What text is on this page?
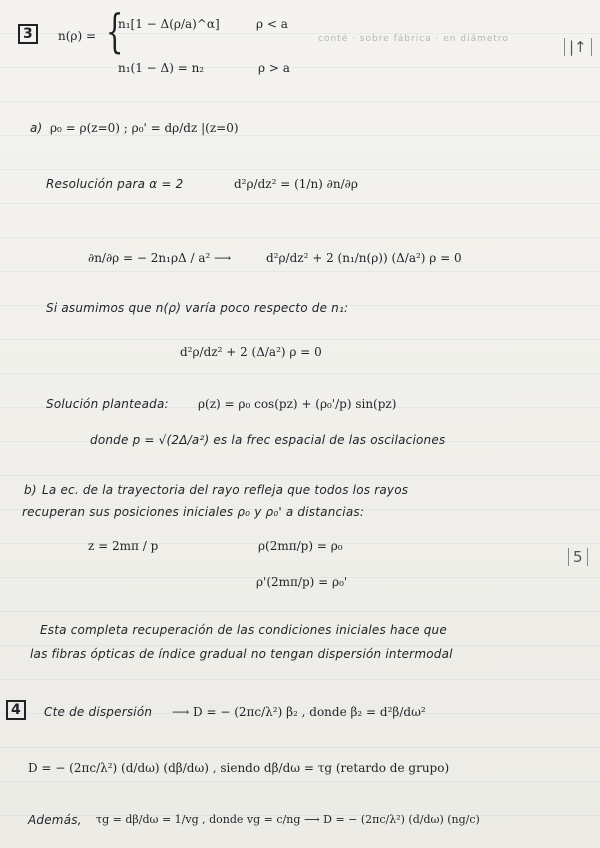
conté · sobre fábrica · en diámetro
3	n(ρ) = {
n₁[1 − Δ(ρ/a)^α]	ρ < a
n₁(1 − Δ) = n₂	ρ > a
|↑
a) ρ₀ = ρ(z=0) ; ρ₀' = dρ/dz |(z=0)
Resolución para α = 2	d²ρ/dz² = (1/n) ∂n/∂ρ
∂n/∂ρ = − 2n₁ρΔ / a² ⟶	d²ρ/dz² + 2 (n₁/n(ρ)) (Δ/a²) ρ = 0
Si asumimos que n(ρ) varía poco respecto de n₁:
d²ρ/dz² + 2 (Δ/a²) ρ = 0
Solución planteada: ρ(z) = ρ₀ cos(pz) + (ρ₀'/p) sin(pz)
donde p = √(2Δ/a²) es la frec espacial de las oscilaciones
b) La ec. de la trayectoria del rayo refleja que todos los rayos
recuperan sus posiciones iniciales ρ₀ y ρ₀' a distancias:
z = 2mπ / p	ρ(2mπ/p) = ρ₀
ρ'(2mπ/p) = ρ₀'
5
Esta completa recuperación de las condiciones iniciales hace que
las fibras ópticas de índice gradual no tengan dispersión intermodal
4	Cte de dispersión ⟶ D = − (2πc/λ²) β₂ , donde β₂ = d²β/dω²
D = − (2πc/λ²) (d/dω) (dβ/dω) , siendo dβ/dω = τg (retardo de grupo)
Además, τg = dβ/dω = 1/vg , donde vg = c/ng ⟶ D = − (2πc/λ²) (d/dω) (ng/c)
